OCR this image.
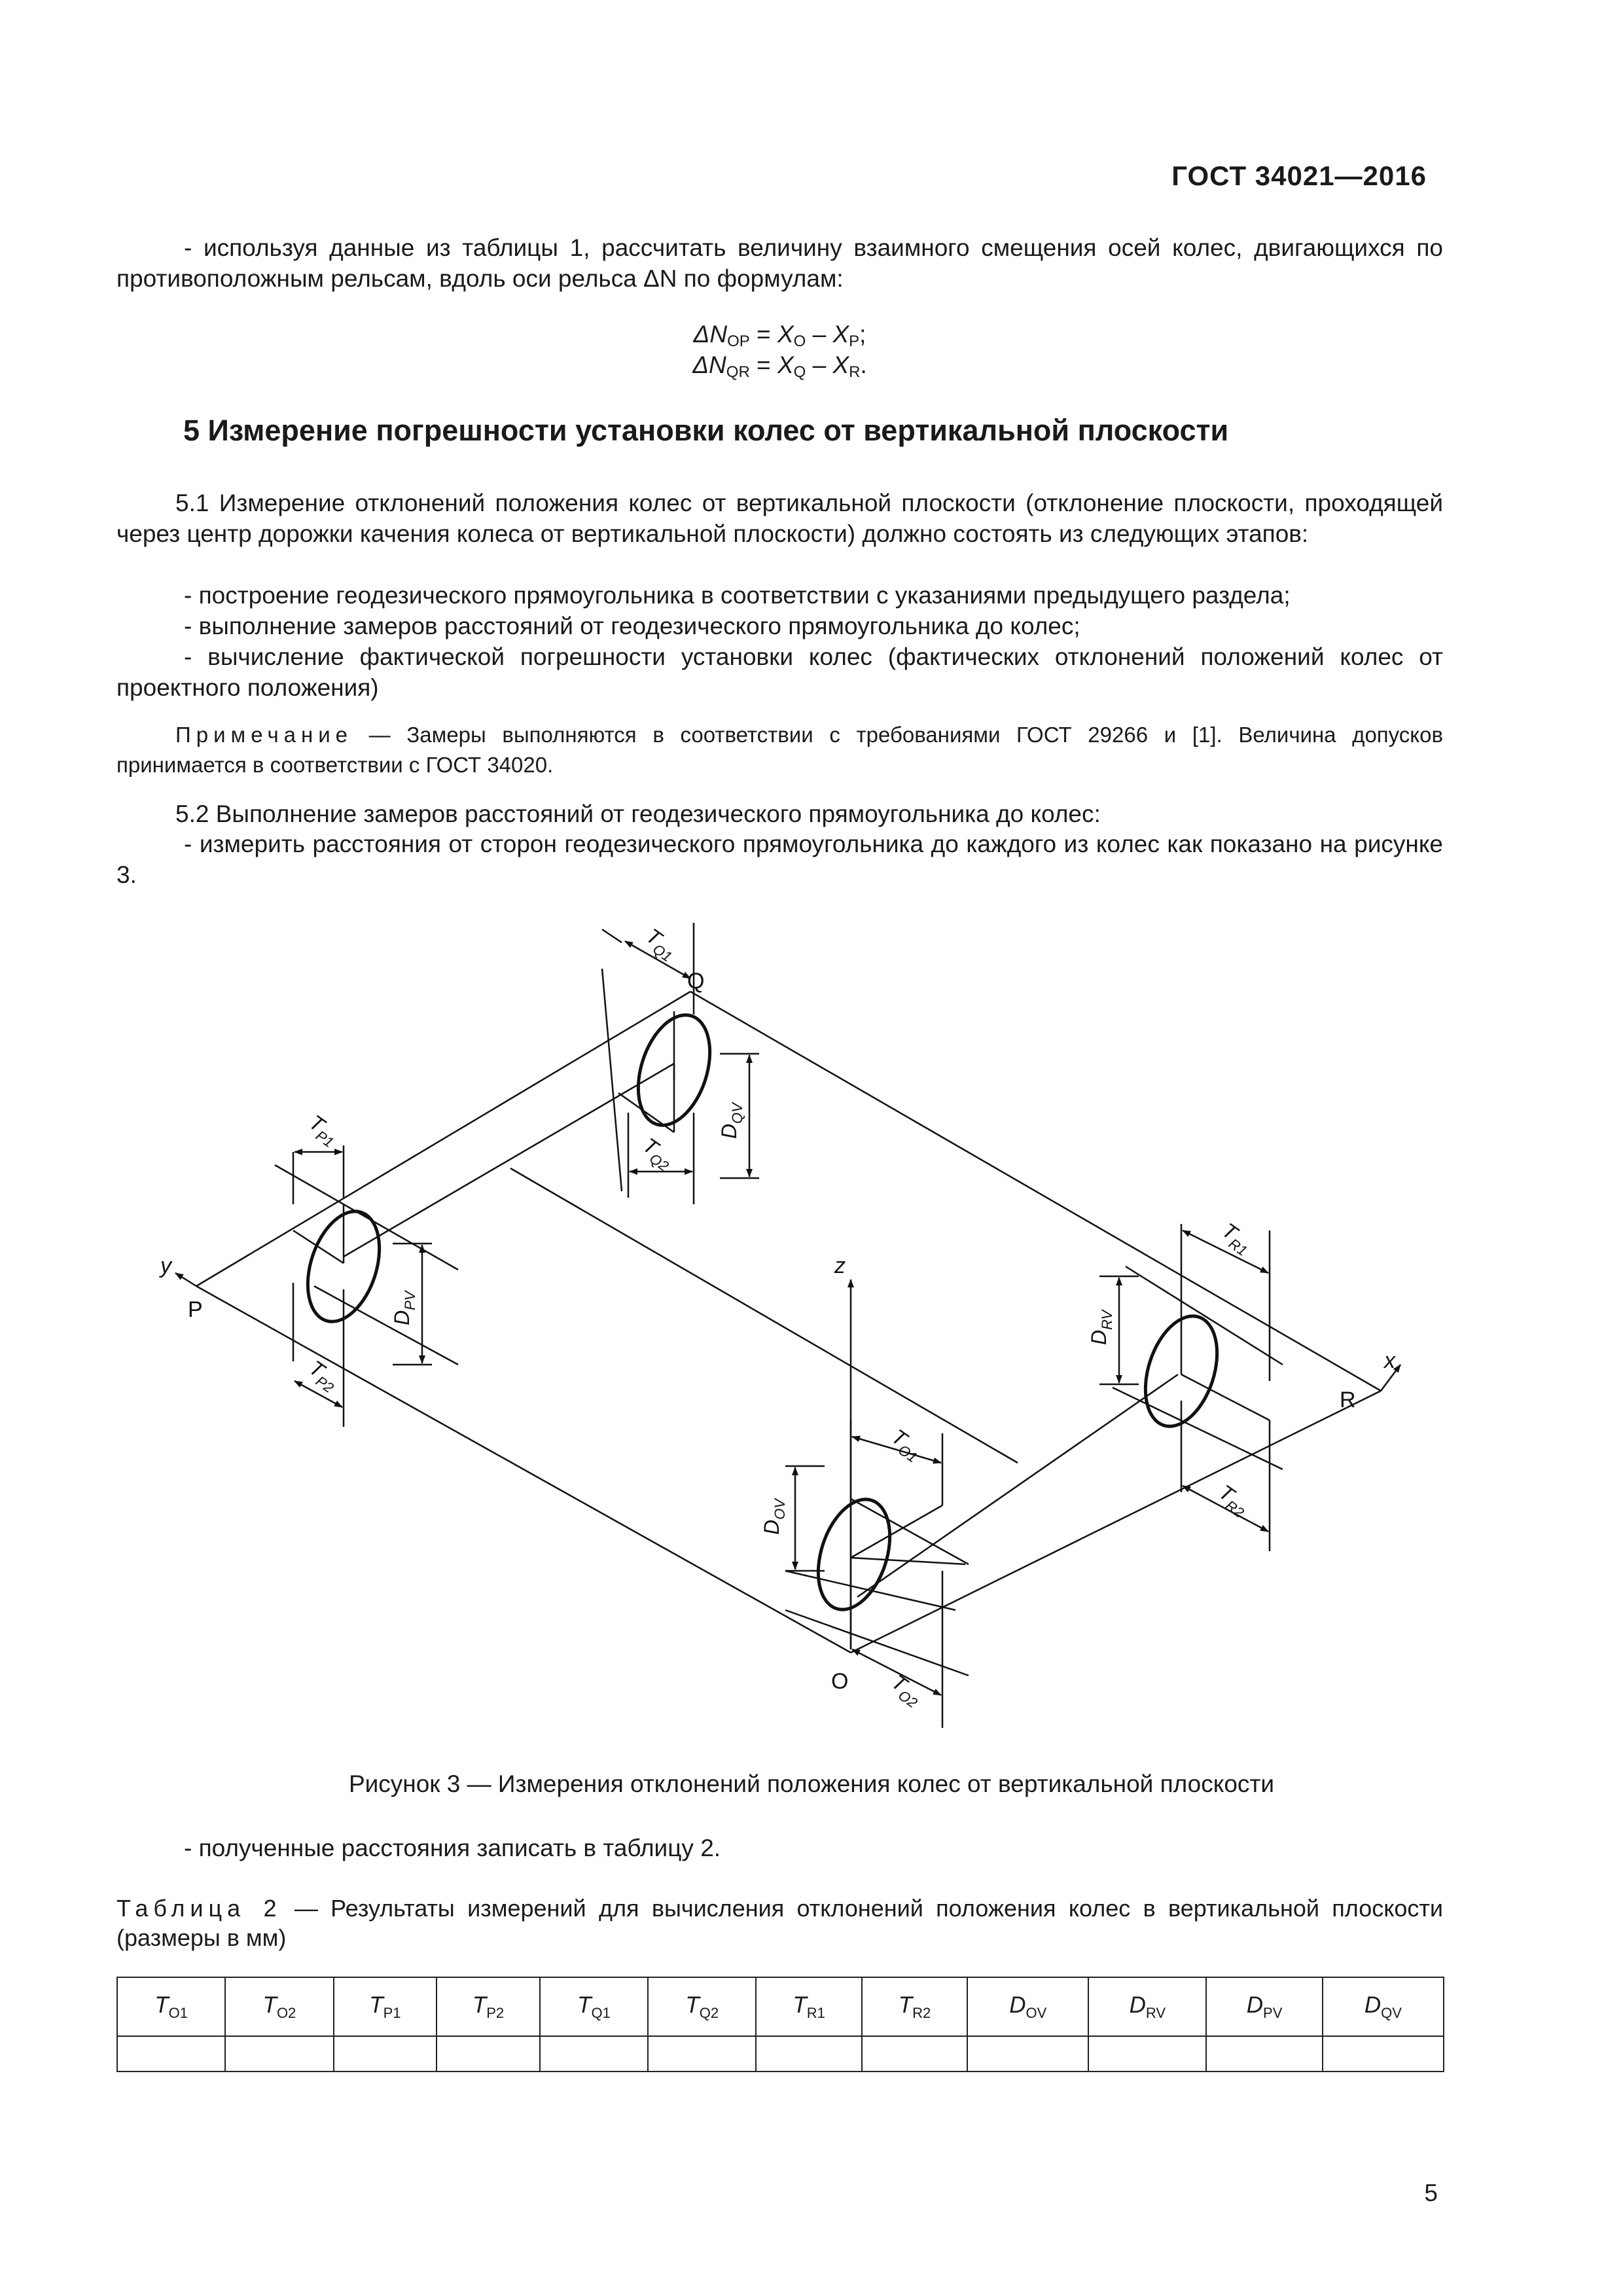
ГОСТ 34021—2016
- используя данные из таблицы 1, рассчитать величину взаимного смещения осей колес, двигающихся по противоположным рельсам, вдоль оси рельса ΔN по формулам:
$\Delta N_{OP} = X_O - X_P$;
$\Delta N_{QR} = X_Q - X_R$.
5 Измерение погрешности установки колес от вертикальной плоскости
5.1 Измерение отклонений положения колес от вертикальной плоскости (отклонение плоскости, проходящей через центр дорожки качения колеса от вертикальной плоскости) должно состоять из следующих этапов:
- построение геодезического прямоугольника в соответствии с указаниями предыдущего раздела;
- выполнение замеров расстояний от геодезического прямоугольника до колес;
- вычисление фактической погрешности установки колес (фактических отклонений положений колес от проектного положения)
Примечание — Замеры выполняются в соответствии с требованиями ГОСТ 29266 и [1]. Величина допусков принимается в соответствии с ГОСТ 34020.
5.2 Выполнение замеров расстояний от геодезического прямоугольника до колес:
- измерить расстояния от сторон геодезического прямоугольника до каждого из колес как показано на рисунке 3.
Q
P
R
O
z
y
x
$T_{Q1}$
$T_{Q2}$
$D_{QV}$
$T_{P1}$
$T_{P2}$
$D_{PV}$
$T_{R1}$
$T_{R2}$
$D_{RV}$
$T_{O1}$
$T_{O2}$
$D_{OV}$
Рисунок 3 — Измерения отклонений положения колес от вертикальной плоскости
- полученные расстояния записать в таблицу 2.
Таблица 2 — Результаты измерений для вычисления отклонений положения колес в вертикальной плоскости (размеры в мм)
$T_{O1}$	$T_{O2}$	$T_{P1}$	$T_{P2}$	$T_{Q1}$	$T_{Q2}$	$T_{R1}$	$T_{R2}$	$D_{OV}$	$D_{RV}$	$D_{PV}$	$D_{QV}$

5
